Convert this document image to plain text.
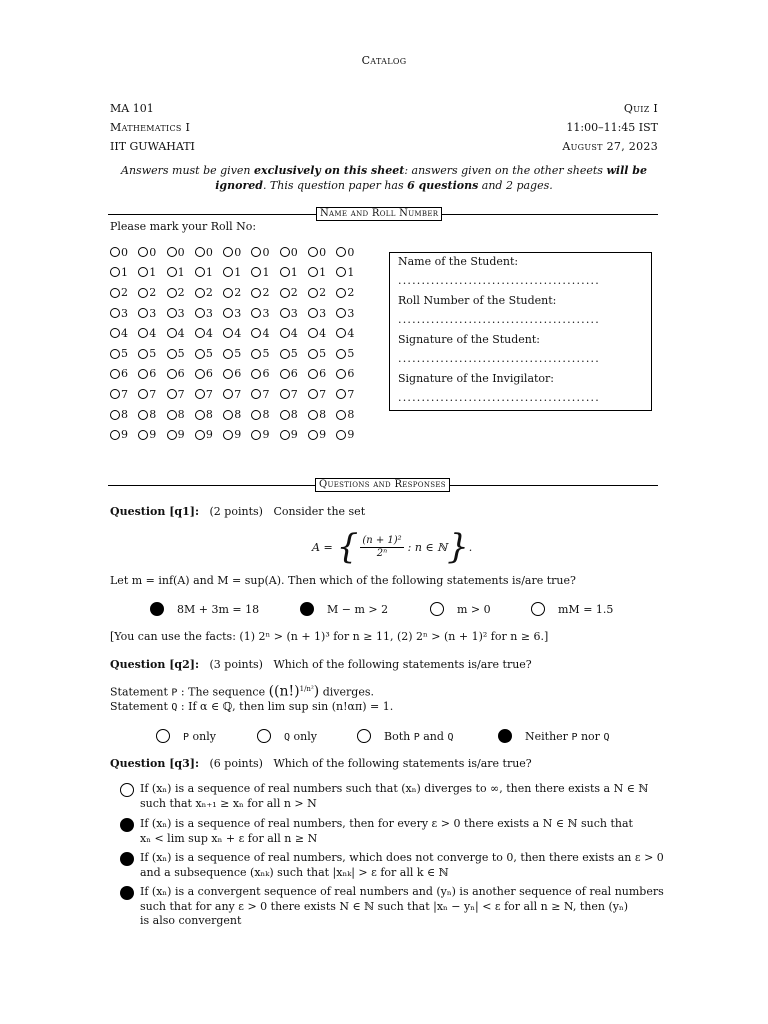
Catalog
MA 101
Mathematics I
IIT GUWAHATI
Quiz I
11:00–11:45 IST
August 27, 2023
Answers must be given exclusively on this sheet: answers given on the other sheets will be
ignored. This question paper has 6 questions and 2 pages.
Name and Roll Number
Please mark your Roll No:
0 0 0 0 0 0 0 0 0
1 1 1 1 1 1 1 1 1
2 2 2 2 2 2 2 2 2
3 3 3 3 3 3 3 3 3
4 4 4 4 4 4 4 4 4
5 5 5 5 5 5 5 5 5
6 6 6 6 6 6 6 6 6
7 7 7 7 7 7 7 7 7
8 8 8 8 8 8 8 8 8
9 9 9 9 9 9 9 9 9
Name of the Student:
...........................................
Roll Number of the Student:
...........................................
Signature of the Student:
...........................................
Signature of the Invigilator:
...........................................
Questions and Responses
Question [q1]: (2 points) Consider the set
A = { $\frac{\text{(n + 1)²}}{\text{2ⁿ}}$ : n ∈ ℕ } .
Let m = inf(A) and M = sup(A). Then which of the following statements is/are true?
8M + 3m = 18	M − m > 2	m > 0	mM = 1.5
[You can use the facts: (1) 2ⁿ > (n + 1)³ for n ≥ 11, (2) 2ⁿ > (n + 1)² for n ≥ 6.]
Question [q2]: (3 points) Which of the following statements is/are true?
Statement P : The sequence $((n!)^{1/n^2})$ diverges.
Statement Q : If α ∈ ℚ, then lim sup sin (n!απ) = 1.
P only	Q only	Both P and Q	Neither P nor Q
Question [q3]: (6 points) Which of the following statements is/are true?
If (xₙ) is a sequence of real numbers such that (xₙ) diverges to ∞, then there exists a N ∈ ℕ
such that xₙ₊₁ ≥ xₙ for all n > N
If (xₙ) is a sequence of real numbers, then for every ε > 0 there exists a N ∈ ℕ such that
xₙ < lim sup xₙ + ε for all n ≥ N
If (xₙ) is a sequence of real numbers, which does not converge to 0, then there exists an ε > 0
and a subsequence (xₙₖ) such that |xₙₖ| > ε for all k ∈ ℕ
If (xₙ) is a convergent sequence of real numbers and (yₙ) is another sequence of real numbers
such that for any ε > 0 there exists N ∈ ℕ such that |xₙ − yₙ| < ε for all n ≥ N, then (yₙ)
is also convergent
